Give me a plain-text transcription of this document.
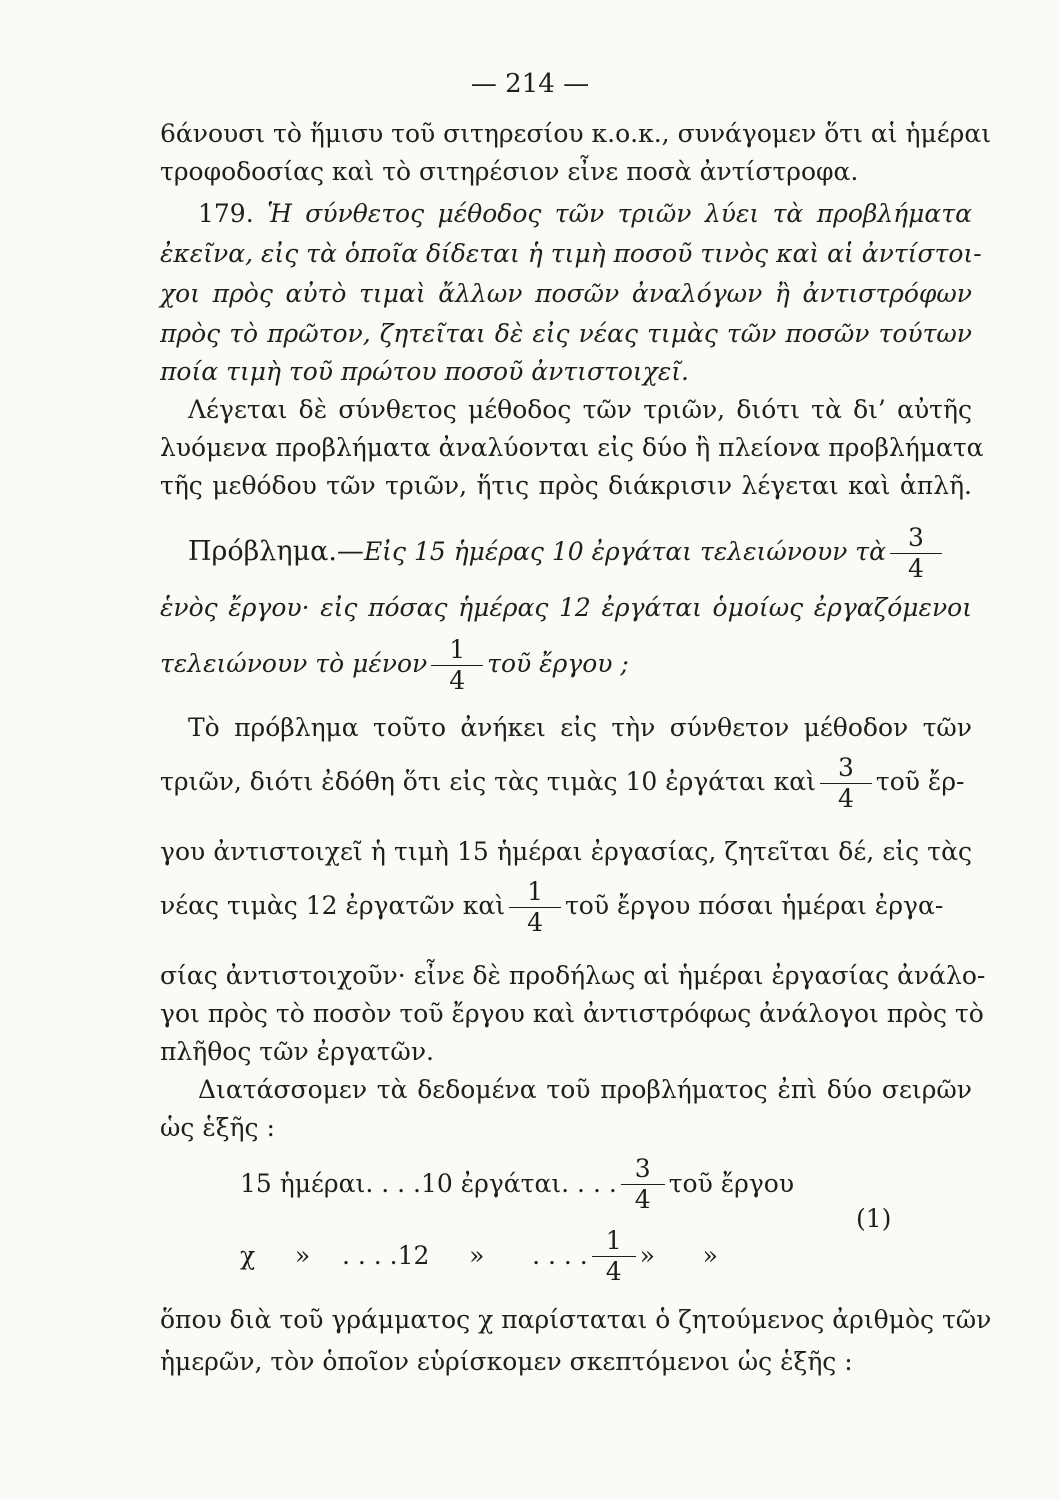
— 214 —
6άνουσι τὸ ἥμισυ τοῦ σιτηρεσίου κ.ο.κ., συνάγομεν ὅτι αἱ ἡμέραι
τροφοδοσίας καὶ τὸ σιτηρέσιον εἶνε ποσὰ ἀντίστροφα.
179. Ἡ σύνθετος μέθοδος τῶν τριῶν λύει τὰ προβλήματα
ἐκεῖνα, εἰς τὰ ὁποῖα δίδεται ἡ τιμὴ ποσοῦ τινὸς καὶ αἱ ἀντίστοι-
χοι πρὸς αὐτὸ τιμαὶ ἄλλων ποσῶν ἀναλόγων ἢ ἀντιστρόφων
πρὸς τὸ πρῶτον, ζητεῖται δὲ εἰς νέας τιμὰς τῶν ποσῶν τούτων
ποία τιμὴ τοῦ πρώτου ποσοῦ ἀντιστοιχεῖ.
Λέγεται δὲ σύνθετος μέθοδος τῶν τριῶν, διότι τὰ δι’ αὐτῆς
λυόμενα προβλήματα ἀναλύονται εἰς δύο ἢ πλείονα προβλήματα
τῆς μεθόδου τῶν τριῶν, ἥτις πρὸς διάκρισιν λέγεται καὶ ἁπλῆ.
Πρόβλημα.—Εἰς 15 ἡμέρας 10 ἐργάται τελειώνουν τὰ $\frac{3}{4}$
ἑνὸς ἔργου· εἰς πόσας ἡμέρας 12 ἐργάται ὁμοίως ἐργαζόμενοι
τελειώνουν τὸ μένον $\frac{1}{4}$ τοῦ ἔργου ;
Τὸ πρόβλημα τοῦτο ἀνήκει εἰς τὴν σύνθετον μέθοδον τῶν
τριῶν, διότι ἐδόθη ὅτι εἰς τὰς τιμὰς 10 ἐργάται καὶ $\frac{3}{4}$ τοῦ ἔρ-
γου ἀντιστοιχεῖ ἡ τιμὴ 15 ἡμέραι ἐργασίας, ζητεῖται δέ, εἰς τὰς
νέας τιμὰς 12 ἐργατῶν καὶ $\frac{1}{4}$ τοῦ ἔργου πόσαι ἡμέραι ἐργα-
σίας ἀντιστοιχοῦν· εἶνε δὲ προδήλως αἱ ἡμέραι ἐργασίας ἀνάλο-
γοι πρὸς τὸ ποσὸν τοῦ ἔργου καὶ ἀντιστρόφως ἀνάλογοι πρὸς τὸ
πλῆθος τῶν ἐργατῶν.
Διατάσσομεν τὰ δεδομένα τοῦ προβλήματος ἐπὶ δύο σειρῶν
ὡς ἑξῆς :
15 ἡμέραι. . . .10 ἐργάται. . . . $\frac{3}{4}$ τοῦ ἔργου
(1)
χ     »    . . . .12     »      . . . . $\frac{1}{4}$ »      »
ὅπου διὰ τοῦ γράμματος χ παρίσταται ὁ ζητούμενος ἀριθμὸς τῶν
ἡμερῶν, τὸν ὁποῖον εὑρίσκομεν σκεπτόμενοι ὡς ἑξῆς :
